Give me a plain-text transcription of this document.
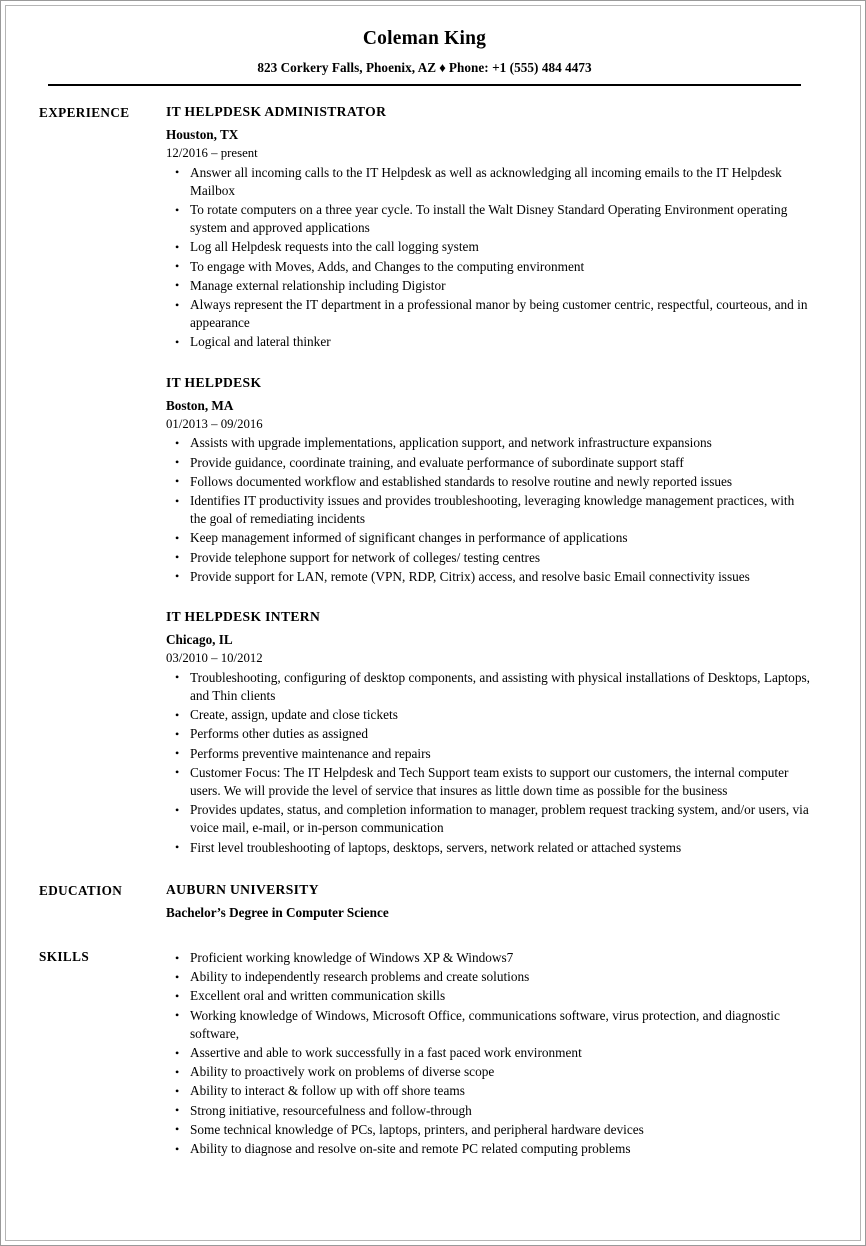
Coleman King
823 Corkery Falls, Phoenix, AZ ♦ Phone: +1 (555) 484 4473
EXPERIENCE	IT HELPDESK ADMINISTRATOR
Houston, TX
12/2016 – present
• Answer all incoming calls to the IT Helpdesk as well as acknowledging all incoming emails to the IT Helpdesk Mailbox
• To rotate computers on a three year cycle. To install the Walt Disney Standard Operating Environment operating system and approved applications
• Log all Helpdesk requests into the call logging system
• To engage with Moves, Adds, and Changes to the computing environment
• Manage external relationship including Digistor
• Always represent the IT department in a professional manor by being customer centric, respectful, courteous, and in appearance
• Logical and lateral thinker
IT HELPDESK
Boston, MA
01/2013 – 09/2016
• Assists with upgrade implementations, application support, and network infrastructure expansions
• Provide guidance, coordinate training, and evaluate performance of subordinate support staff
• Follows documented workflow and established standards to resolve routine and newly reported issues
• Identifies IT productivity issues and provides troubleshooting, leveraging knowledge management practices, with the goal of remediating incidents
• Keep management informed of significant changes in performance of applications
• Provide telephone support for network of colleges/ testing centres
• Provide support for LAN, remote (VPN, RDP, Citrix) access, and resolve basic Email connectivity issues
IT HELPDESK INTERN
Chicago, IL
03/2010 – 10/2012
• Troubleshooting, configuring of desktop components, and assisting with physical installations of Desktops, Laptops, and Thin clients
• Create, assign, update and close tickets
• Performs other duties as assigned
• Performs preventive maintenance and repairs
• Customer Focus: The IT Helpdesk and Tech Support team exists to support our customers, the internal computer users. We will provide the level of service that insures as little down time as possible for the business
• Provides updates, status, and completion information to manager, problem request tracking system, and/or users, via voice mail, e-mail, or in-person communication
• First level troubleshooting of laptops, desktops, servers, network related or attached systems
EDUCATION	AUBURN UNIVERSITY
Bachelor’s Degree in Computer Science
SKILLS	• Proficient working knowledge of Windows XP & Windows7
• Ability to independently research problems and create solutions
• Excellent oral and written communication skills
• Working knowledge of Windows, Microsoft Office, communications software, virus protection, and diagnostic software,
• Assertive and able to work successfully in a fast paced work environment
• Ability to proactively work on problems of diverse scope
• Ability to interact & follow up with off shore teams
• Strong initiative, resourcefulness and follow-through
• Some technical knowledge of PCs, laptops, printers, and peripheral hardware devices
• Ability to diagnose and resolve on-site and remote PC related computing problems
